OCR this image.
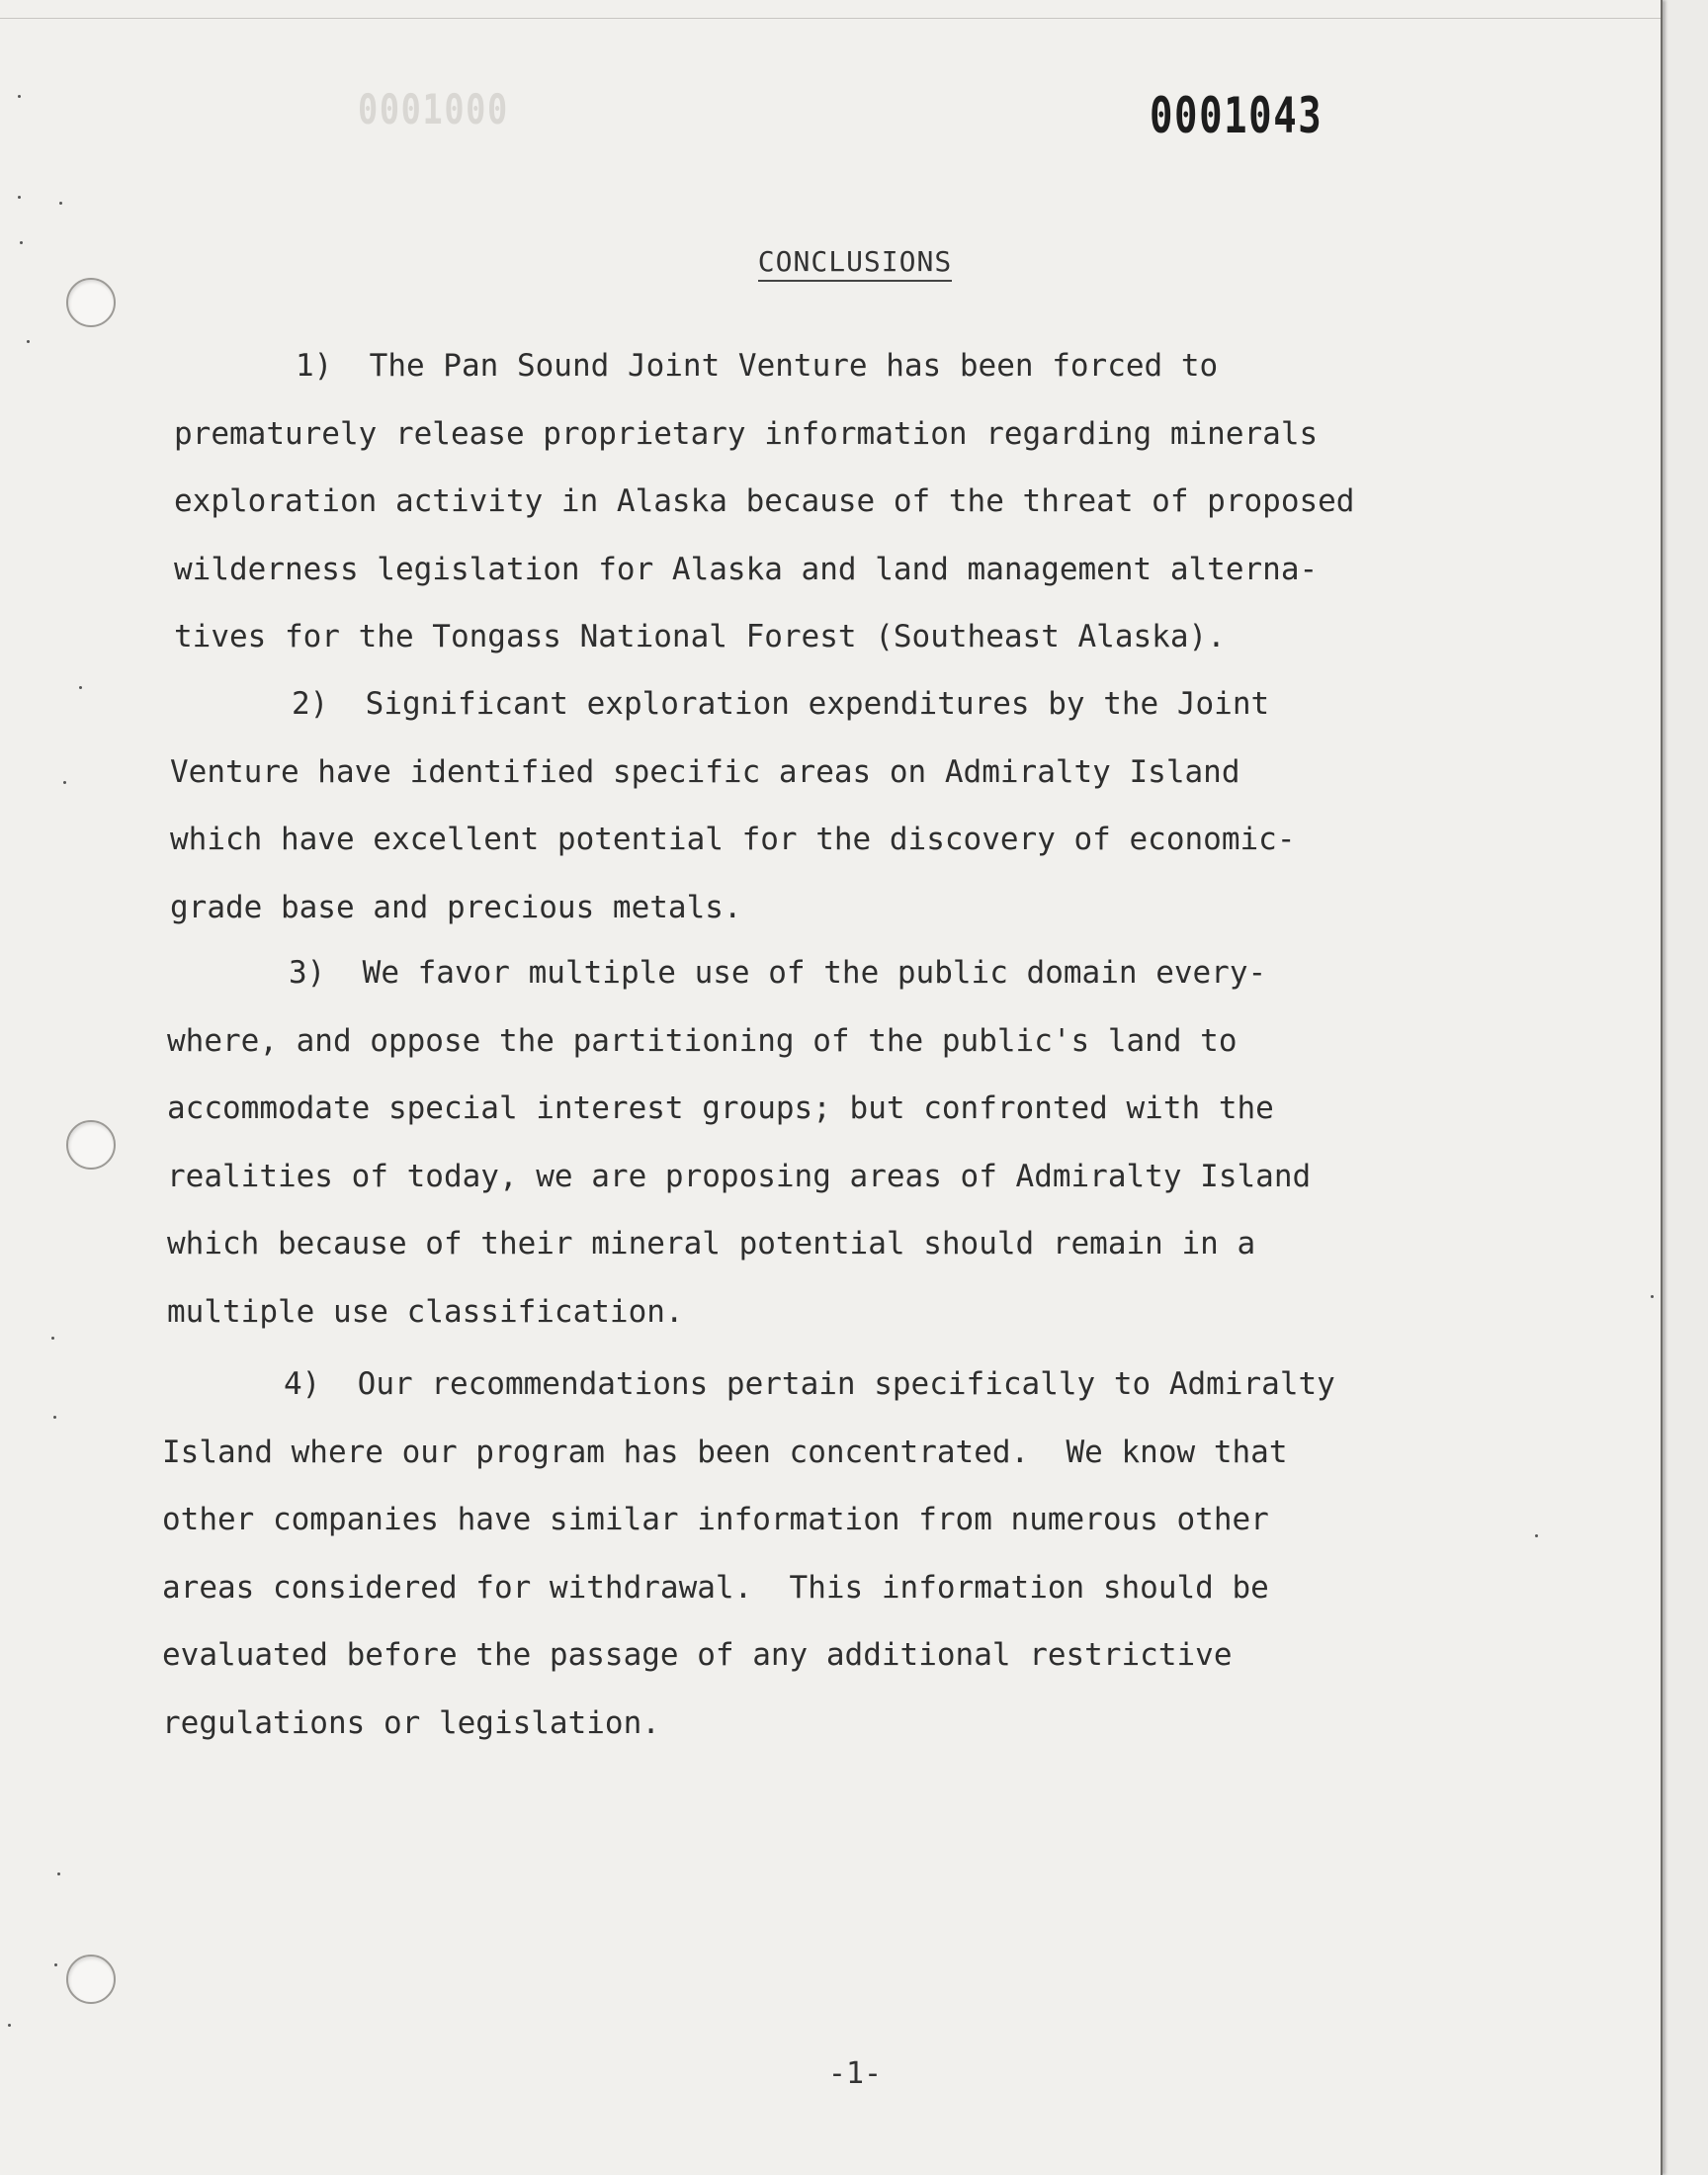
0001000	0001043
CONCLUSIONS

1)  The Pan Sound Joint Venture has been forced to
prematurely release proprietary information regarding minerals
exploration activity in Alaska because of the threat of proposed
wilderness legislation for Alaska and land management alterna-
tives for the Tongass National Forest (Southeast Alaska).

2)  Significant exploration expenditures by the Joint
Venture have identified specific areas on Admiralty Island
which have excellent potential for the discovery of economic-
grade base and precious metals.

3)  We favor multiple use of the public domain every-
where, and oppose the partitioning of the public's land to
accommodate special interest groups; but confronted with the
realities of today, we are proposing areas of Admiralty Island
which because of their mineral potential should remain in a
multiple use classification.

4)  Our recommendations pertain specifically to Admiralty
Island where our program has been concentrated.  We know that
other companies have similar information from numerous other
areas considered for withdrawal.  This information should be
evaluated before the passage of any additional restrictive
regulations or legislation.

-1-
